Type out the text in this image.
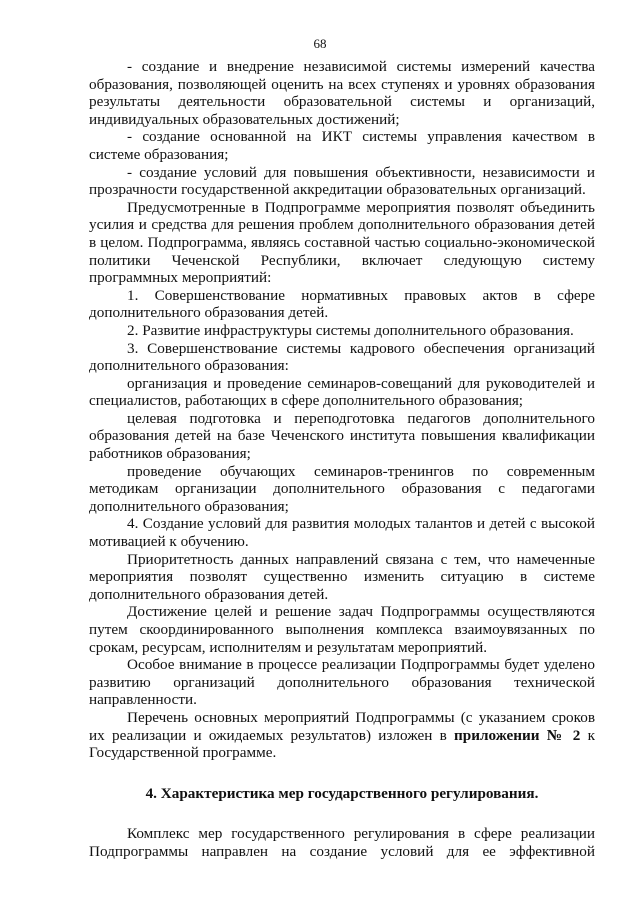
68

- создание и внедрение независимой системы измерений качества образования, позволяющей оценить на всех ступенях и уровнях образования результаты деятельности образовательной системы и организаций, индивидуальных образовательных достижений;

- создание основанной на ИКТ системы управления качеством в системе образования;

- создание условий для повышения объективности, независимости и прозрачности государственной аккредитации образовательных организаций.

Предусмотренные в Подпрограмме мероприятия позволят объединить усилия и средства для решения проблем дополнительного образования детей в целом. Подпрограмма, являясь составной частью социально-экономической политики Чеченской Республики, включает следующую систему программных мероприятий:

1. Совершенствование нормативных правовых актов в сфере дополнительного образования детей.

2. Развитие инфраструктуры системы дополнительного образования.

3. Совершенствование системы кадрового обеспечения организаций дополнительного образования:

организация и проведение семинаров-совещаний для руководителей и специалистов, работающих в сфере дополнительного образования;

целевая подготовка и переподготовка педагогов дополнительного образования детей на базе Чеченского института повышения квалификации работников образования;

проведение обучающих семинаров-тренингов по современным методикам организации дополнительного образования с педагогами дополнительного образования;

4. Создание условий для развития молодых талантов и детей с высокой мотивацией к обучению.

Приоритетность данных направлений связана с тем, что намеченные мероприятия позволят существенно изменить ситуацию в системе дополнительного образования детей.

Достижение целей и решение задач Подпрограммы осуществляются путем скоординированного выполнения комплекса взаимоувязанных по срокам, ресурсам, исполнителям и результатам мероприятий.

Особое внимание в процессе реализации Подпрограммы будет уделено развитию организаций дополнительного образования технической направленности.

Перечень основных мероприятий Подпрограммы (с указанием сроков их реализации и ожидаемых результатов) изложен в приложении № 2 к Государственной программе.

4. Характеристика мер государственного регулирования.

Комплекс мер государственного регулирования в сфере реализации Подпрограммы направлен на создание условий для ее эффективной
